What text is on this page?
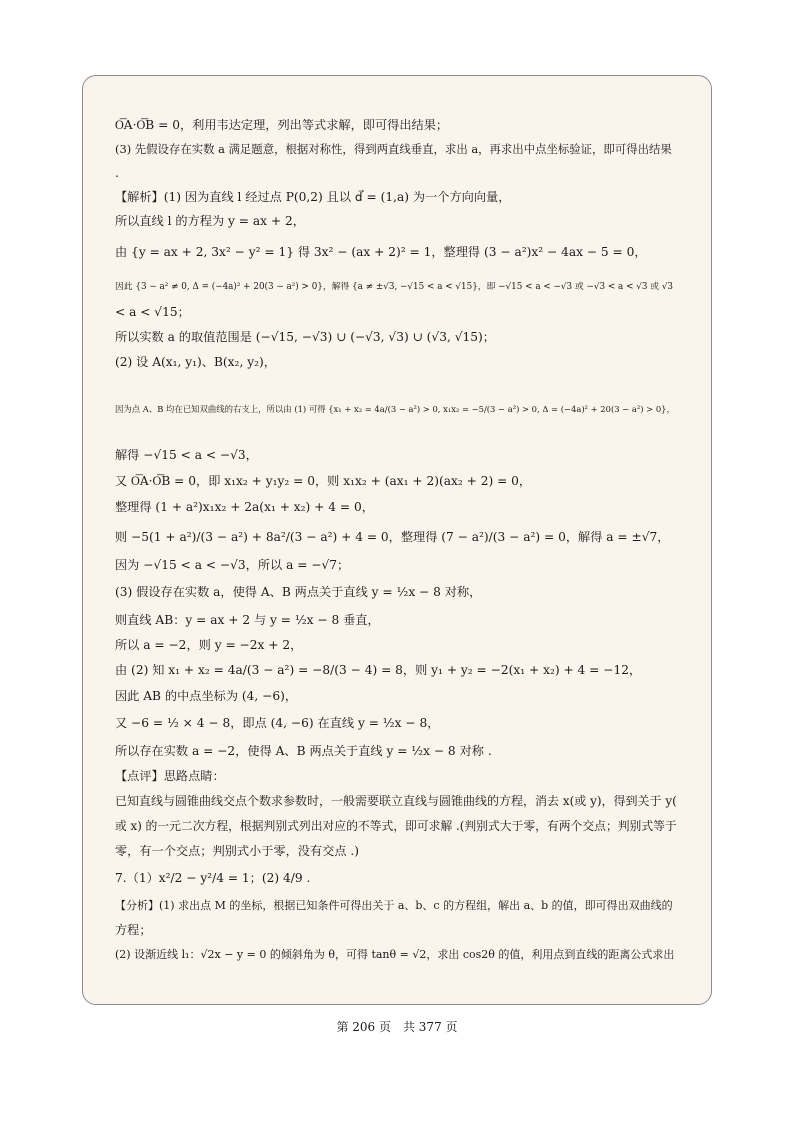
O͞A·O͞B = 0，利用韦达定理，列出等式求解，即可得出结果；
(3) 先假设存在实数 a 满足题意，根据对称性，得到两直线垂直，求出 a，再求出中点坐标验证，即可得出结果
.
【解析】(1) 因为直线 l 经过点 P(0,2) 且以 d⃗ = (1,a) 为一个方向向量，
所以直线 l 的方程为 y = ax + 2，
由 {y = ax + 2, 3x² − y² = 1} 得 3x² − (ax + 2)² = 1，整理得 (3 − a²)x² − 4ax − 5 = 0，
因此 {3 − a² ≠ 0, Δ = (−4a)² + 20(3 − a²) > 0}，解得 {a ≠ ±√3, −√15 < a < √15}，即 −√15 < a < −√3 或 −√3 < a < √3 或 √3
< a < √15；
所以实数 a 的取值范围是 (−√15, −√3) ∪ (−√3, √3) ∪ (√3, √15)；
(2) 设 A(x₁, y₁)、B(x₂, y₂)，
因为点 A、B 均在已知双曲线的右支上，所以由 (1) 可得 {x₁ + x₂ = 4a/(3 − a²) > 0, x₁x₂ = −5/(3 − a²) > 0, Δ = (−4a)² + 20(3 − a²) > 0}，
解得 −√15 < a < −√3，
又 O͞A·O͞B = 0，即 x₁x₂ + y₁y₂ = 0，则 x₁x₂ + (ax₁ + 2)(ax₂ + 2) = 0，
整理得 (1 + a²)x₁x₂ + 2a(x₁ + x₂) + 4 = 0，
则 −5(1 + a²)/(3 − a²) + 8a²/(3 − a²) + 4 = 0，整理得 (7 − a²)/(3 − a²) = 0，解得 a = ±√7，
因为 −√15 < a < −√3，所以 a = −√7；
(3) 假设存在实数 a，使得 A、B 两点关于直线 y = ½x − 8 对称，
则直线 AB：y = ax + 2 与 y = ½x − 8 垂直，
所以 a = −2，则 y = −2x + 2，
由 (2) 知 x₁ + x₂ = 4a/(3 − a²) = −8/(3 − 4) = 8，则 y₁ + y₂ = −2(x₁ + x₂) + 4 = −12，
因此 AB 的中点坐标为 (4, −6)，
又 −6 = ½ × 4 − 8，即点 (4, −6) 在直线 y = ½x − 8，
所以存在实数 a = −2，使得 A、B 两点关于直线 y = ½x − 8 对称 .
【点评】思路点睛：
已知直线与圆锥曲线交点个数求参数时，一般需要联立直线与圆锥曲线的方程，消去 x(或 y)，得到关于 y(
或 x) 的一元二次方程，根据判别式列出对应的不等式，即可求解 .(判别式大于零，有两个交点；判别式等于
零，有一个交点；判别式小于零，没有交点 .)
7.（1）x²/2 − y²/4 = 1；(2) 4/9 .
【分析】(1) 求出点 M 的坐标，根据已知条件可得出关于 a、b、c 的方程组，解出 a、b 的值，即可得出双曲线的
方程；
(2) 设渐近线 l₁：√2x − y = 0 的倾斜角为 θ，可得 tanθ = √2，求出 cos2θ 的值，利用点到直线的距离公式求出
第 206 页　共 377 页
